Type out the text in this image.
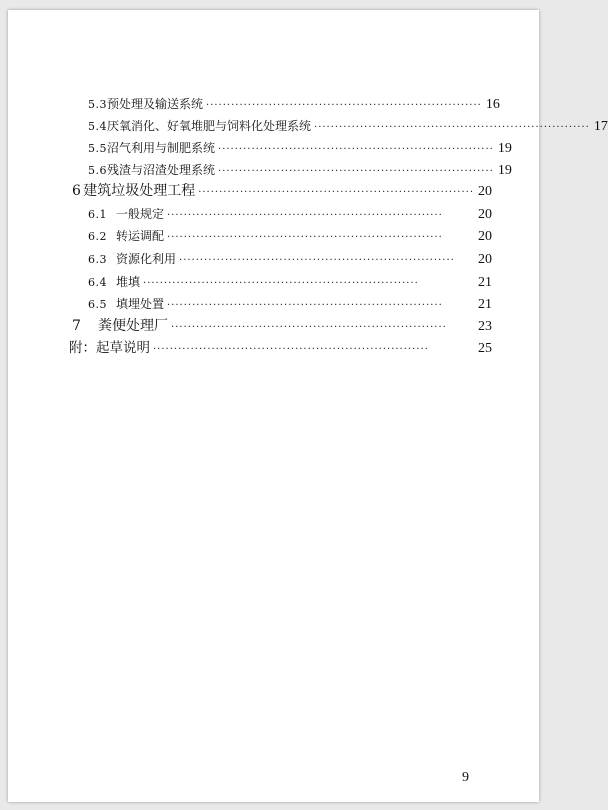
5.3 预处理及输送系统 ·································································· 16
5.4 厌氧消化、好氧堆肥与饲料化处理系统 ·································································· 17
5.5 沼气利用与制肥系统 ·································································· 19
5.6 残渣与沼渣处理系统 ·································································· 19
6 建筑垃圾处理工程 ·································································· 20
6.1 一般规定 ··································································	20
6.2 转运调配 ··································································	20
6.3 资源化利用 ··································································	20
6.4 堆填 ··································································	21
6.5 填埋处置 ··································································	21
7	粪便处理厂 ··································································	23
附：起草说明 ··································································	25
9
